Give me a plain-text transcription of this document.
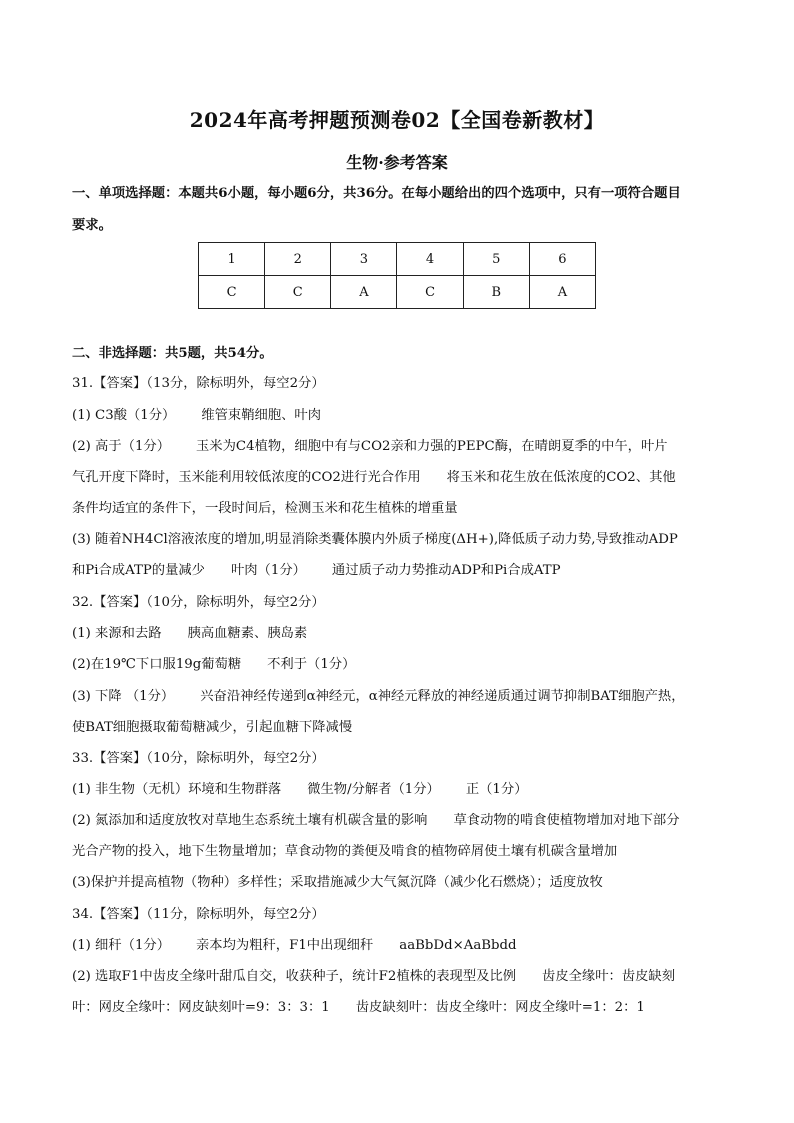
2024年高考押题预测卷02【全国卷新教材】
生物·参考答案
一、单项选择题：本题共6小题，每小题6分，共36分。在每小题给出的四个选项中，只有一项符合题目
要求。
1	2	3	4	5	6
C	C	A	C	B	A
二、非选择题：共5题，共54分。
31.【答案】（13分，除标明外，每空2分）
(1) C3酸（1分） 维管束鞘细胞、叶肉
(2) 高于（1分） 玉米为C4植物，细胞中有与CO2亲和力强的PEPC酶，在晴朗夏季的中午，叶片
气孔开度下降时，玉米能利用较低浓度的CO2进行光合作用 将玉米和花生放在低浓度的CO2、其他
条件均适宜的条件下，一段时间后，检测玉米和花生植株的增重量
(3) 随着NH4Cl溶液浓度的增加,明显消除类囊体膜内外质子梯度(ΔH+),降低质子动力势,导致推动ADP
和Pi合成ATP的量减少 叶肉（1分） 通过质子动力势推动ADP和Pi合成ATP
32.【答案】（10分，除标明外，每空2分）
(1) 来源和去路 胰高血糖素、胰岛素
(2)在19℃下口服19g葡萄糖 不利于（1分）
(3) 下降 （1分） 兴奋沿神经传递到α神经元，α神经元释放的神经递质通过调节抑制BAT细胞产热，
使BAT细胞摄取葡萄糖减少，引起血糖下降减慢
33.【答案】（10分，除标明外，每空2分）
(1) 非生物（无机）环境和生物群落 微生物/分解者（1分） 正（1分）
(2) 氮添加和适度放牧对草地生态系统土壤有机碳含量的影响 草食动物的啃食使植物增加对地下部分
光合产物的投入，地下生物量增加；草食动物的粪便及啃食的植物碎屑使土壤有机碳含量增加
(3)保护并提高植物（物种）多样性；采取措施减少大气氮沉降（减少化石燃烧）；适度放牧
34.【答案】（11分，除标明外，每空2分）
(1) 细秆（1分） 亲本均为粗秆，F1中出现细秆 aaBbDd×AaBbdd
(2) 选取F1中齿皮全缘叶甜瓜自交，收获种子，统计F2植株的表现型及比例 齿皮全缘叶：齿皮缺刻
叶：网皮全缘叶：网皮缺刻叶=9：3：3：1 齿皮缺刻叶：齿皮全缘叶：网皮全缘叶=1：2：1
